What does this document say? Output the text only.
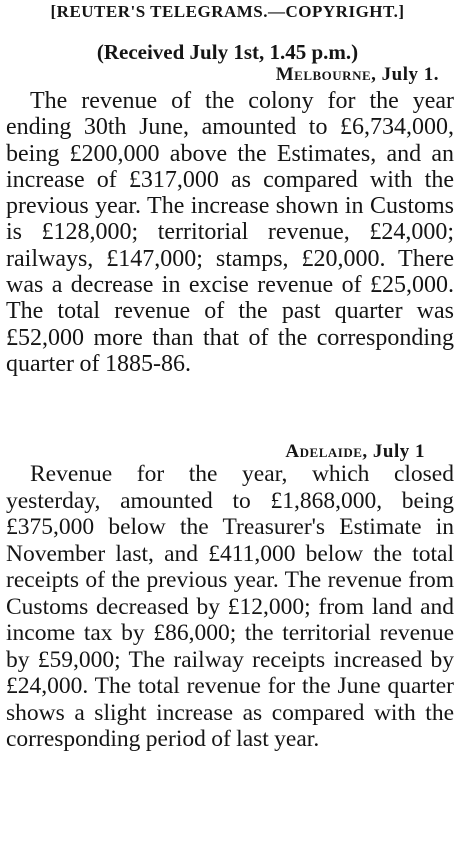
[REUTER'S TELEGRAMS.—COPYRIGHT.]
(Received July 1st, 1.45 p.m.)
Melbourne, July 1.
The revenue of the colony for the year ending 30th June, amounted to £6,734,000, being £200,000 above the Estimates, and an increase of £317,000 as compared with the previous year. The increase shown in Customs is £128,000; territorial revenue, £24,000; railways, £147,000; stamps, £20,000. There was a decrease in excise revenue of £25,000. The total revenue of the past quarter was £52,000 more than that of the corresponding quarter of 1885-86.
Adelaide, July 1
Revenue for the year, which closed yesterday, amounted to £1,868,000, being £375,000 below the Treasurer's Estimate in November last, and £411,000 below the total receipts of the previous year. The revenue from Customs decreased by £12,000; from land and income tax by £86,000; the territorial revenue by £59,000; The railway receipts increased by £24,000. The total revenue for the June quarter shows a slight increase as compared with the corresponding period of last year.
